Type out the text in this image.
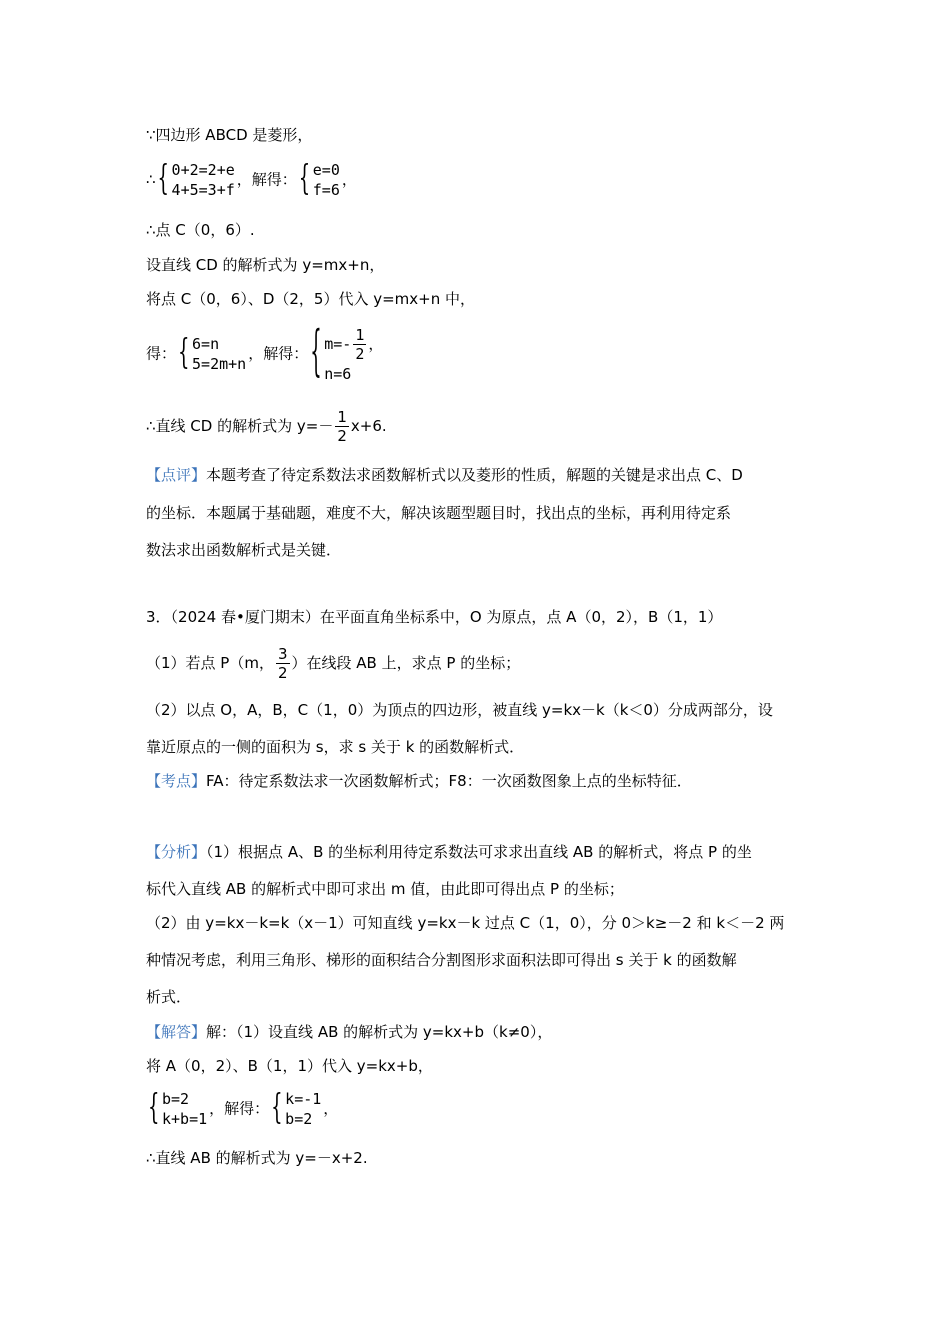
∵四边形 ABCD 是菱形，
∴ { 0+2=2+e
4+5=3+f
，解得： { e=0
f=6
，
∴点 C（0，6）.
设直线 CD 的解析式为 y=mx+n，
将点 C（0，6）、D（2，5）代入 y=mx+n 中，
得： { 6=n
5=2m+n
，解得： { $m=- \frac{1}{2}$ ，
n=6
∴直线 CD 的解析式为 $y=- \frac{1}{2} x+6$.
【点评】本题考查了待定系数法求函数解析式以及菱形的性质，解题的关键是求出点 C、D
的坐标．本题属于基础题，难度不大，解决该题型题目时，找出点的坐标，再利用待定系
数法求出函数解析式是关键．
3．（2024 春•厦门期末）在平面直角坐标系中，O 为原点，点 A（0，2），B（1，1）
（1）若点 P（m， $\frac{3}{2}$ ）在线段 AB 上，求点 P 的坐标；
（2）以点 O，A，B，C（1，0）为顶点的四边形，被直线 y=kx－k（k＜0）分成两部分，设
靠近原点的一侧的面积为 s，求 s 关于 k 的函数解析式．
【考点】FA：待定系数法求一次函数解析式；F8：一次函数图象上点的坐标特征．
【分析】（1）根据点 A、B 的坐标利用待定系数法可求求出直线 AB 的解析式，将点 P 的坐
标代入直线 AB 的解析式中即可求出 m 值，由此即可得出点 P 的坐标；
（2）由 y=kx－k=k（x－1）可知直线 y=kx－k 过点 C（1，0），分 0＞k≥－2 和 k＜－2 两
种情况考虑，利用三角形、梯形的面积结合分割图形求面积法即可得出 s 关于 k 的函数解
析式．
【解答】解：（1）设直线 AB 的解析式为 y=kx+b（k≠0），
将 A（0，2）、B（1，1）代入 y=kx+b，
{ b=2
k+b=1
，解得： { k=-1
b=2
，
∴直线 AB 的解析式为 y=－x+2.
